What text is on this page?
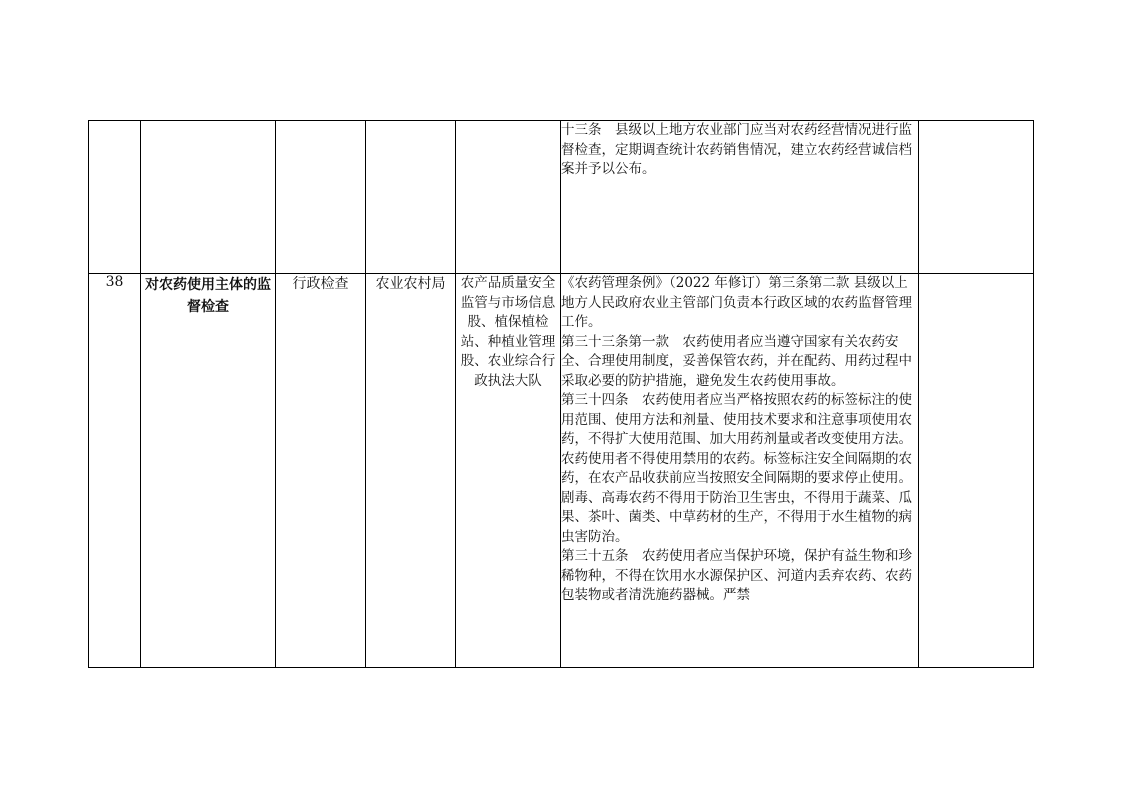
					十三条　县级以上地方农业部门应当对农药经营情况进行监督检查，定期调查统计农药销售情况，建立农药经营诚信档案并予以公布。	

38	对农药使用主体的监督检查	行政检查	农业农村局	农产品质量安全监管与市场信息股、植保植检站、种植业管理股、农业综合行政执法大队	《农药管理条例》（2022 年修订）第三条第二款 县级以上地方人民政府农业主管部门负责本行政区域的农药监督管理工作。

第三十三条第一款　农药使用者应当遵守国家有关农药安全、合理使用制度，妥善保管农药，并在配药、用药过程中采取必要的防护措施，避免发生农药使用事故。

第三十四条　农药使用者应当严格按照农药的标签标注的使用范围、使用方法和剂量、使用技术要求和注意事项使用农药，不得扩大使用范围、加大用药剂量或者改变使用方法。农药使用者不得使用禁用的农药。标签标注安全间隔期的农药，在农产品收获前应当按照安全间隔期的要求停止使用。剧毒、高毒农药不得用于防治卫生害虫，不得用于蔬菜、瓜果、茶叶、菌类、中草药材的生产，不得用于水生植物的病虫害防治。

第三十五条　农药使用者应当保护环境，保护有益生物和珍稀物种，不得在饮用水水源保护区、河道内丢弃农药、农药包装物或者清洗施药器械。严禁	
